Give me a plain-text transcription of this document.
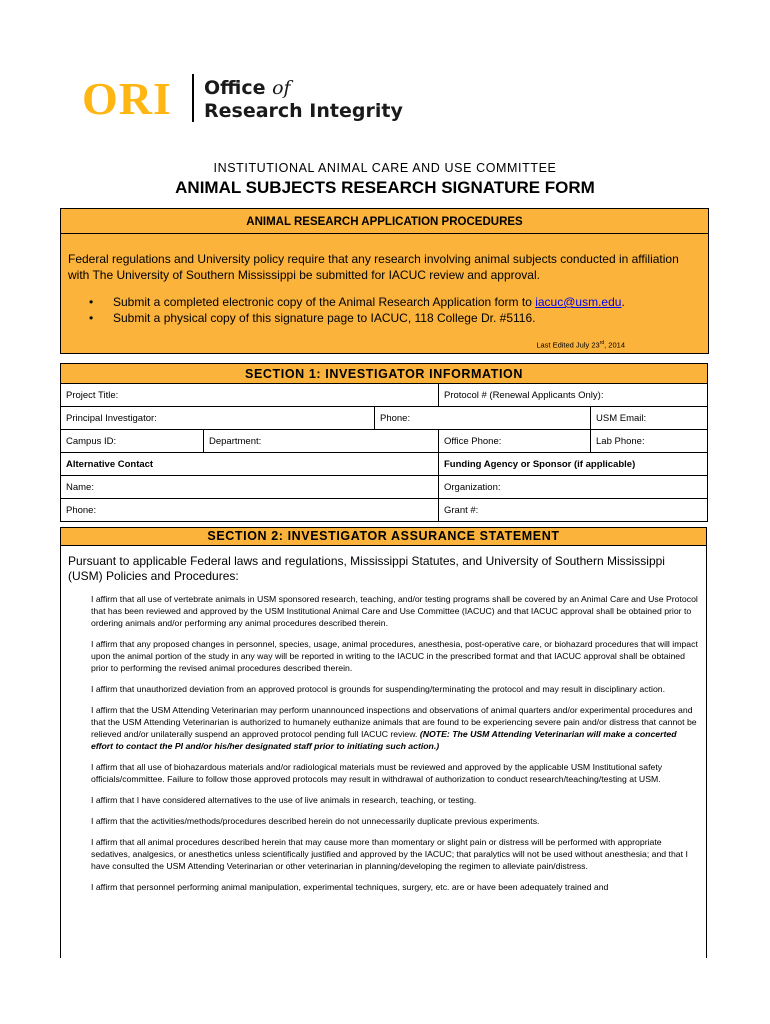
ORI Office of
Research Integrity
INSTITUTIONAL ANIMAL CARE AND USE COMMITTEE
ANIMAL SUBJECTS RESEARCH SIGNATURE FORM
ANIMAL RESEARCH APPLICATION PROCEDURES
Federal regulations and University policy require that any research involving animal subjects conducted in affiliation with The University of Southern Mississippi be submitted for IACUC review and approval.
• Submit a completed electronic copy of the Animal Research Application form to iacuc@usm.edu.
• Submit a physical copy of this signature page to IACUC, 118 College Dr. #5116.
Last Edited July 23rd, 2014
SECTION 1: INVESTIGATOR INFORMATION				
Project Title:			Protocol # (Renewal Applicants Only):	
Principal Investigator:		Phone:		USM Email:
Campus ID:	Department:		Office Phone:	Lab Phone:
Alternative Contact			Funding Agency or Sponsor (if applicable)	
Name:			Organization:	
Phone:			Grant #:	
SECTION 2: INVESTIGATOR ASSURANCE STATEMENT
Pursuant to applicable Federal laws and regulations, Mississippi Statutes, and University of Southern Mississippi (USM) Policies and Procedures:
I affirm that all use of vertebrate animals in USM sponsored research, teaching, and/or testing programs shall be covered by an Animal Care and Use Protocol that has been reviewed and approved by the USM Institutional Animal Care and Use Committee (IACUC) and that IACUC approval shall be obtained prior to ordering animals and/or performing any animal procedures described therein.
I affirm that any proposed changes in personnel, species, usage, animal procedures, anesthesia, post-operative care, or biohazard procedures that will impact upon the animal portion of the study in any way will be reported in writing to the IACUC in the prescribed format and that IACUC approval shall be obtained prior to performing the revised animal procedures described therein.
I affirm that unauthorized deviation from an approved protocol is grounds for suspending/terminating the protocol and may result in disciplinary action.
I affirm that the USM Attending Veterinarian may perform unannounced inspections and observations of animal quarters and/or experimental procedures and that the USM Attending Veterinarian is authorized to humanely euthanize animals that are found to be experiencing severe pain and/or distress that cannot be relieved and/or unilaterally suspend an approved protocol pending full IACUC review. (NOTE: The USM Attending Veterinarian will make a concerted effort to contact the PI and/or his/her designated staff prior to initiating such action.)
I affirm that all use of biohazardous materials and/or radiological materials must be reviewed and approved by the applicable USM Institutional safety officials/committee. Failure to follow those approved protocols may result in withdrawal of authorization to conduct research/teaching/testing at USM.
I affirm that I have considered alternatives to the use of live animals in research, teaching, or testing.
I affirm that the activities/methods/procedures described herein do not unnecessarily duplicate previous experiments.
I affirm that all animal procedures described herein that may cause more than momentary or slight pain or distress will be performed with appropriate sedatives, analgesics, or anesthetics unless scientifically justified and approved by the IACUC; that paralytics will not be used without anesthesia; and that I have consulted the USM Attending Veterinarian or other veterinarian in planning/developing the regimen to alleviate pain/distress.
I affirm that personnel performing animal manipulation, experimental techniques, surgery, etc. are or have been adequately trained and
